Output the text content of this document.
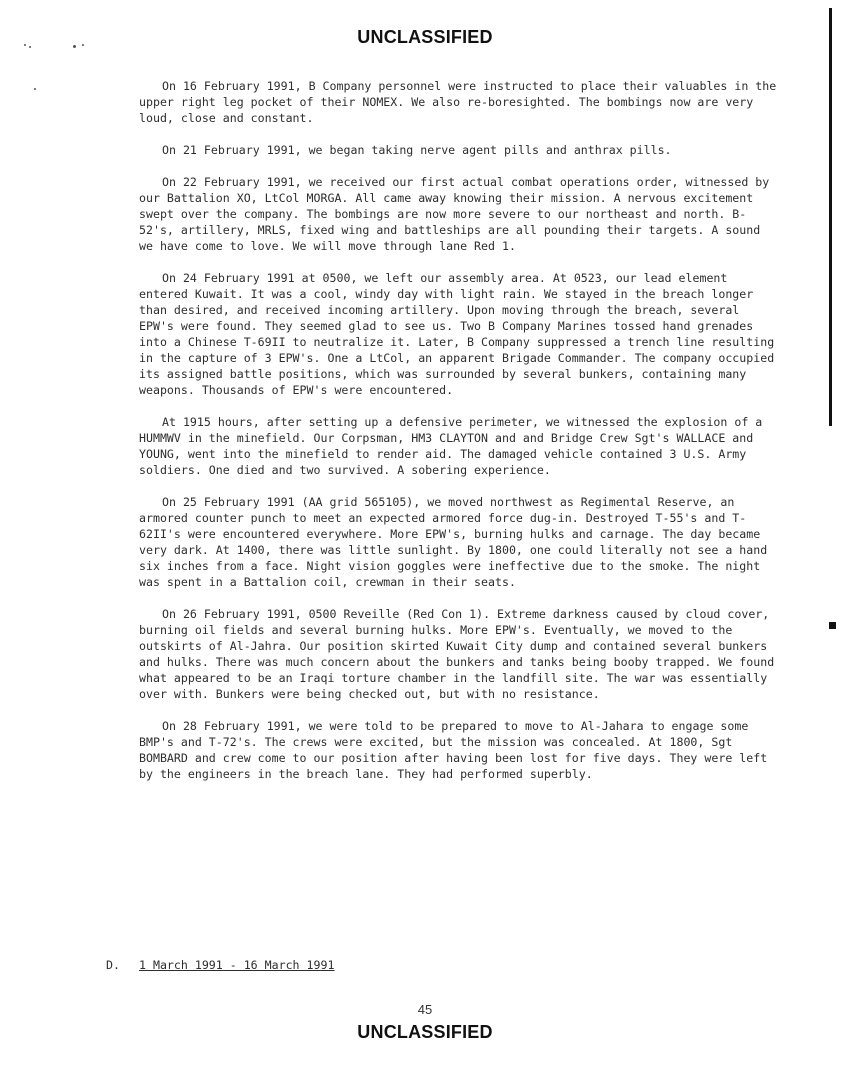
UNCLASSIFIED

On 16 February 1991, B Company personnel were instructed to place their valuables in the upper right leg pocket of their NOMEX. We also re-boresighted. The bombings now are very loud, close and constant.

On 21 February 1991, we began taking nerve agent pills and anthrax pills.

On 22 February 1991, we received our first actual combat operations order, witnessed by our Battalion XO, LtCol MORGA. All came away knowing their mission. A nervous excitement swept over the company. The bombings are now more severe to our northeast and north. B-52's, artillery, MRLS, fixed wing and battleships are all pounding their targets. A sound we have come to love. We will move through lane Red 1.

On 24 February 1991 at 0500, we left our assembly area. At 0523, our lead element entered Kuwait. It was a cool, windy day with light rain. We stayed in the breach longer than desired, and received incoming artillery. Upon moving through the breach, several EPW's were found. They seemed glad to see us. Two B Company Marines tossed hand grenades into a Chinese T-69II to neutralize it. Later, B Company suppressed a trench line resulting in the capture of 3 EPW's. One a LtCol, an apparent Brigade Commander. The company occupied its assigned battle positions, which was surrounded by several bunkers, containing many weapons. Thousands of EPW's were encountered.

At 1915 hours, after setting up a defensive perimeter, we witnessed the explosion of a HUMMWV in the minefield. Our Corpsman, HM3 CLAYTON and and Bridge Crew Sgt's WALLACE and YOUNG, went into the minefield to render aid. The damaged vehicle contained 3 U.S. Army soldiers. One died and two survived. A sobering experience.

On 25 February 1991 (AA grid 565105), we moved northwest as Regimental Reserve, an armored counter punch to meet an expected armored force dug-in. Destroyed T-55's and T-62II's were encountered everywhere. More EPW's, burning hulks and carnage. The day became very dark. At 1400, there was little sunlight. By 1800, one could literally not see a hand six inches from a face. Night vision goggles were ineffective due to the smoke. The night was spent in a Battalion coil, crewman in their seats.

On 26 February 1991, 0500 Reveille (Red Con 1). Extreme darkness caused by cloud cover, burning oil fields and several burning hulks. More EPW's. Eventually, we moved to the outskirts of Al-Jahra. Our position skirted Kuwait City dump and contained several bunkers and hulks. There was much concern about the bunkers and tanks being booby trapped. We found what appeared to be an Iraqi torture chamber in the landfill site. The war was essentially over with. Bunkers were being checked out, but with no resistance.

On 28 February 1991, we were told to be prepared to move to Al-Jahara to engage some BMP's and T-72's. The crews were excited, but the mission was concealed. At 1800, Sgt BOMBARD and crew come to our position after having been lost for five days. They were left by the engineers in the breach lane. They had performed superbly.

D. 1 March 1991 - 16 March 1991
45
UNCLASSIFIED
